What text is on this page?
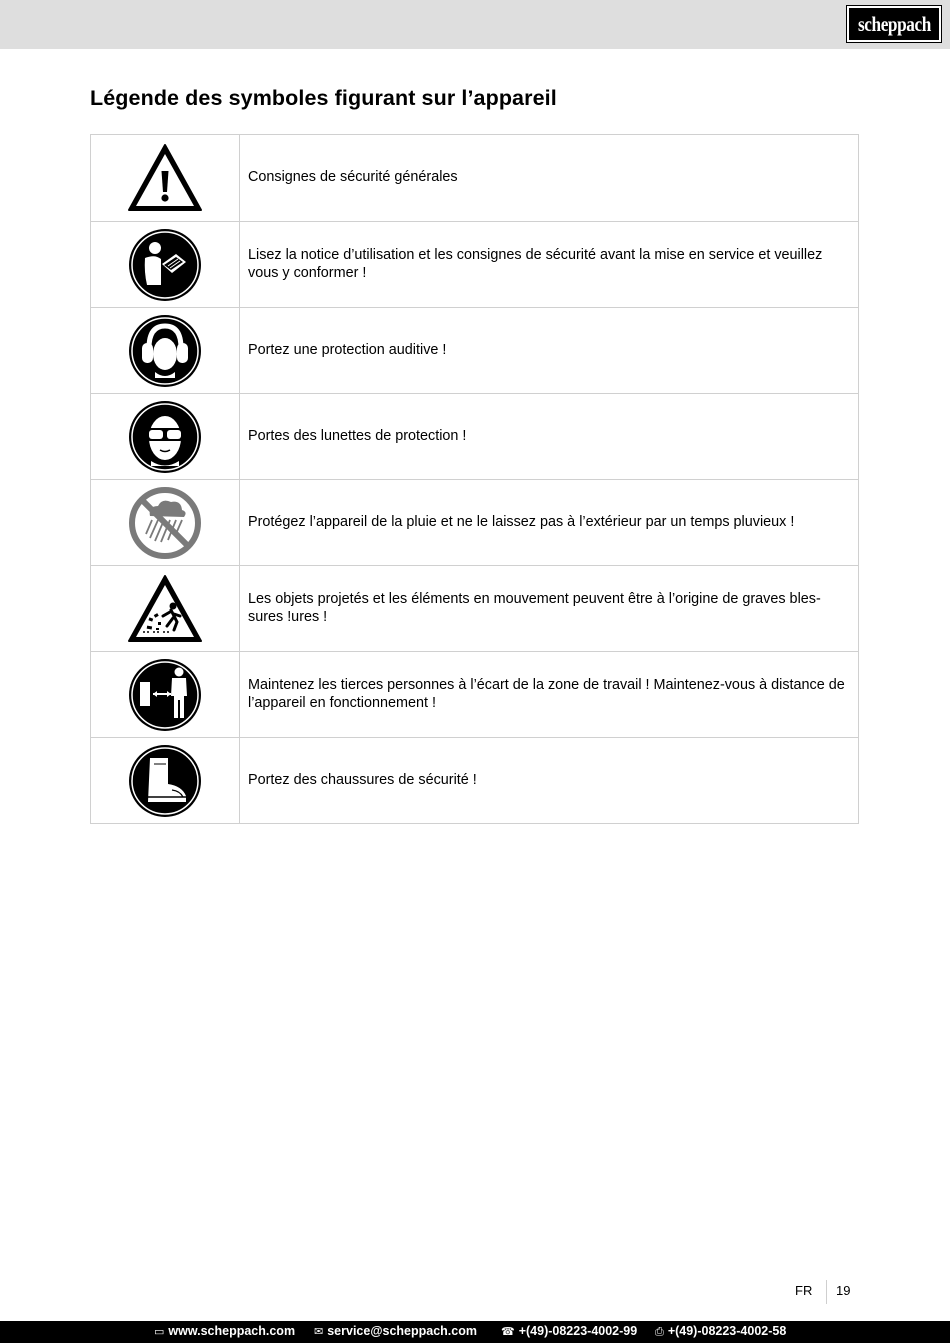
scheppach
Légende des symboles figurant sur l’appareil
Consignes de sécurité générales
Lisez la notice d’utilisation et les consignes de sécurité avant la mise en service et veuillez vous y conformer !
Portez une protection auditive !
Portes des lunettes de protection !
Protégez l’appareil de la pluie et ne le laissez pas à l’extérieur par un temps pluvieux !
Les objets projetés et les éléments en mouvement peuvent être à l’origine de graves bles- sures !ures !
Maintenez les tierces personnes à l’écart de la zone de travail ! Maintenez-vous à distance de l’appareil en fonctionnement !
Portez des chaussures de sécurité !
FR 19
▭ www.scheppach.com ✉ service@scheppach.com ☎ +(49)-08223-4002-99 ⎙ +(49)-08223-4002-58
